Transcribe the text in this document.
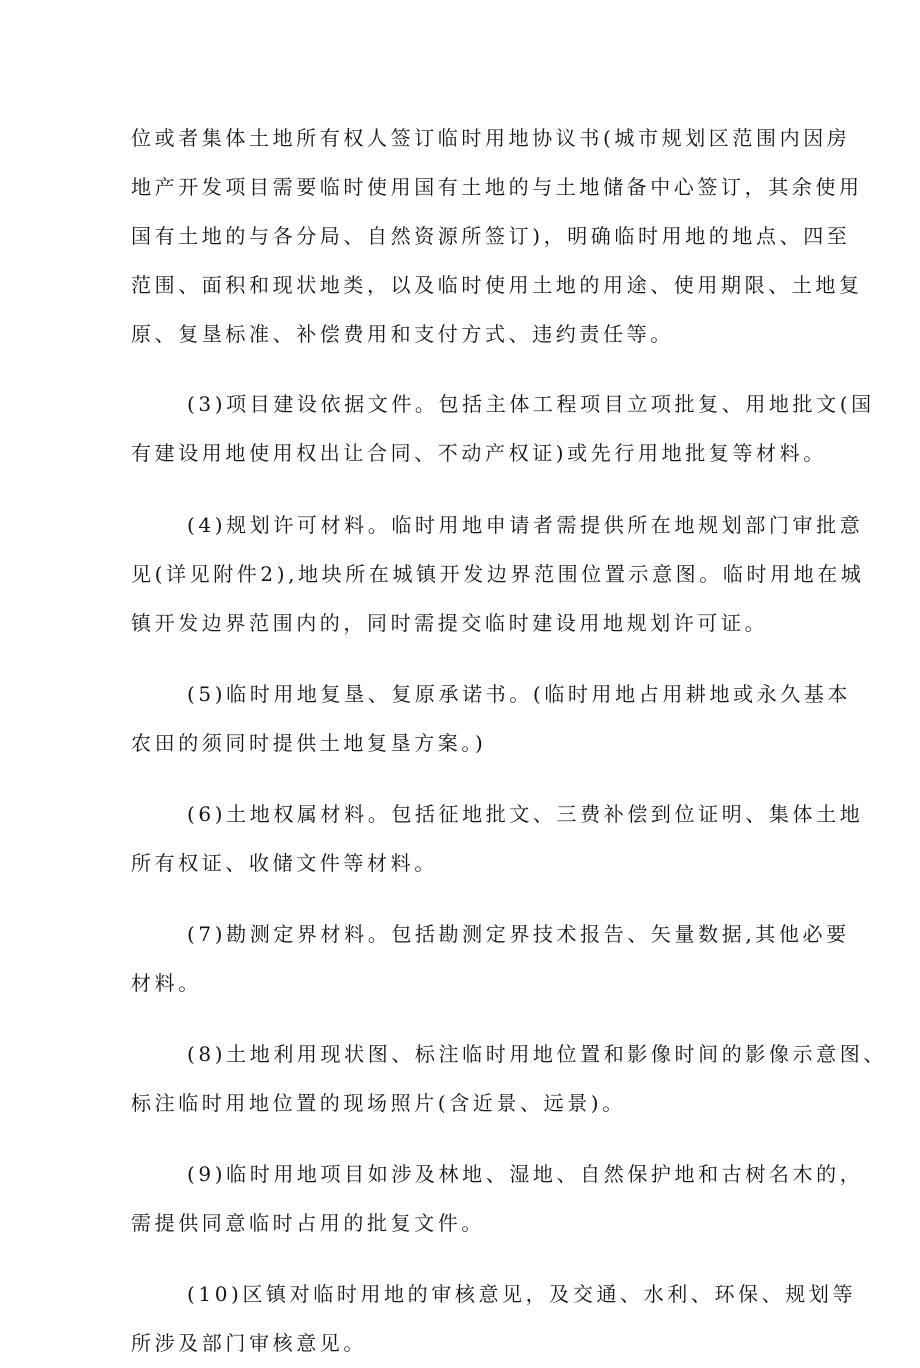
位或者集体土地所有权人签订临时用地协议书(城市规划区范围内因房
地产开发项目需要临时使用国有土地的与土地储备中心签订，其余使用
国有土地的与各分局、自然资源所签订)，明确临时用地的地点、四至
范围、面积和现状地类，以及临时使用土地的用途、使用期限、土地复
原、复垦标准、补偿费用和支付方式、违约责任等。
(3)项目建设依据文件。包括主体工程项目立项批复、用地批文(国
有建设用地使用权出让合同、不动产权证)或先行用地批复等材料。
(4)规划许可材料。临时用地申请者需提供所在地规划部门审批意
见(详见附件2),地块所在城镇开发边界范围位置示意图。临时用地在城
镇开发边界范围内的，同时需提交临时建设用地规划许可证。
(5)临时用地复垦、复原承诺书。(临时用地占用耕地或永久基本
农田的须同时提供土地复垦方案。)
(6)土地权属材料。包括征地批文、三费补偿到位证明、集体土地
所有权证、收储文件等材料。
(7)勘测定界材料。包括勘测定界技术报告、矢量数据,其他必要
材料。
(8)土地利用现状图、标注临时用地位置和影像时间的影像示意图、
标注临时用地位置的现场照片(含近景、远景)。
(9)临时用地项目如涉及林地、湿地、自然保护地和古树名木的，
需提供同意临时占用的批复文件。
(10)区镇对临时用地的审核意见，及交通、水利、环保、规划等
所涉及部门审核意见。
